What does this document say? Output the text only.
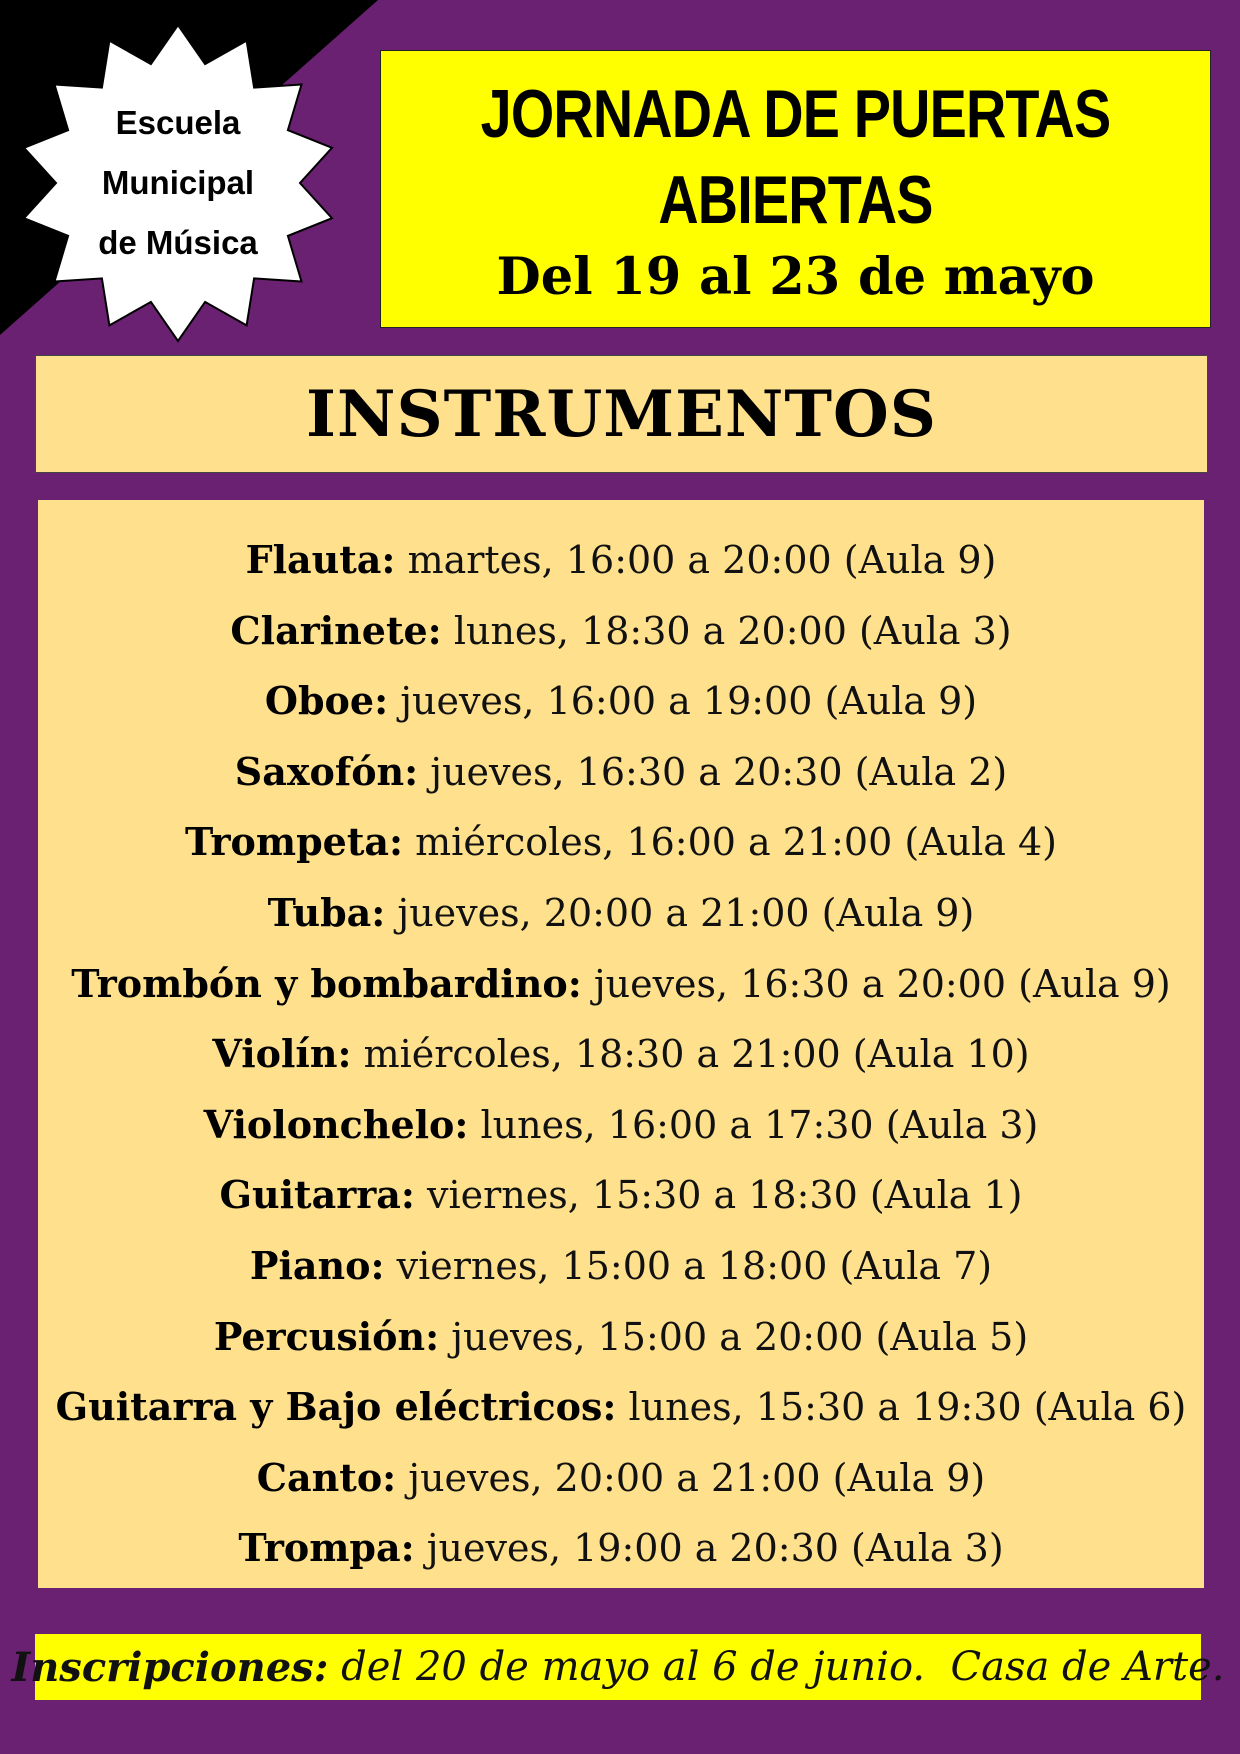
Escuela
Municipal
de Música
JORNADA DE PUERTAS
ABIERTAS
Del 19 al 23 de mayo
INSTRUMENTOS
Flauta: martes, 16:00 a 20:00 (Aula 9)
Clarinete: lunes, 18:30 a 20:00 (Aula 3)
Oboe: jueves, 16:00 a 19:00 (Aula 9)
Saxofón: jueves, 16:30 a 20:30 (Aula 2)
Trompeta: miércoles, 16:00 a 21:00 (Aula 4)
Tuba: jueves, 20:00 a 21:00 (Aula 9)
Trombón y bombardino: jueves, 16:30 a 20:00 (Aula 9)
Violín: miércoles, 18:30 a 21:00 (Aula 10)
Violonchelo: lunes, 16:00 a 17:30 (Aula 3)
Guitarra: viernes, 15:30 a 18:30 (Aula 1)
Piano: viernes, 15:00 a 18:00 (Aula 7)
Percusión: jueves, 15:00 a 20:00 (Aula 5)
Guitarra y Bajo eléctricos: lunes, 15:30 a 19:30 (Aula 6)
Canto: jueves, 20:00 a 21:00 (Aula 9)
Trompa: jueves, 19:00 a 20:30 (Aula 3)
Inscripciones:
del 20 de mayo al 6 de junio.  Casa de Arte.
